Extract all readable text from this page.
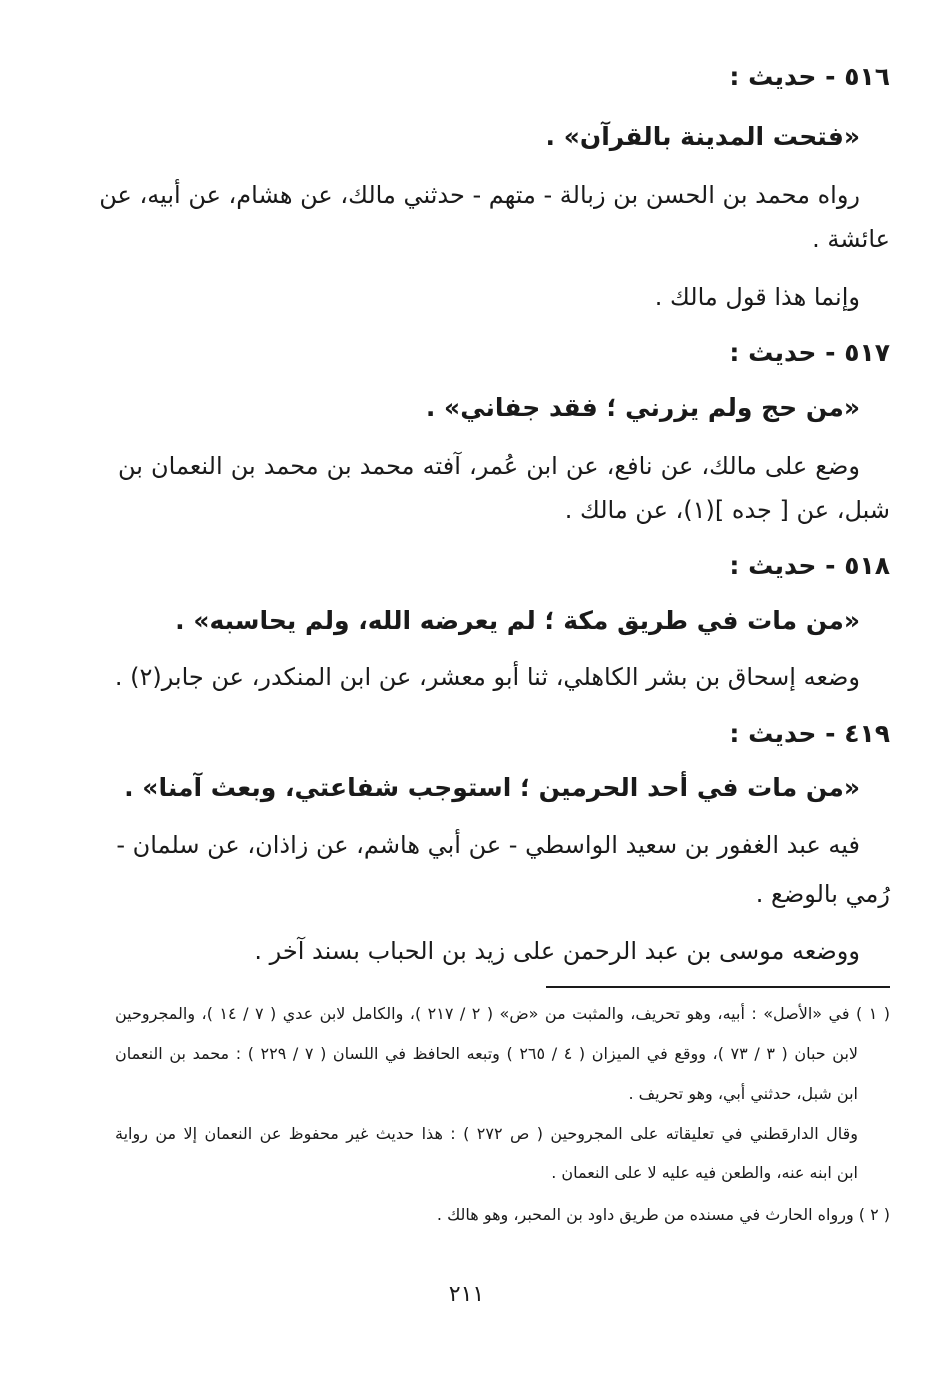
٥١٦ - حديث :
«فتحت المدينة بالقرآن» .
رواه محمد بن الحسن بن زبالة - متهم - حدثني مالك، عن هشام، عن أبيه، عن
عائشة .
وإنما هذا قول مالك .
٥١٧ - حديث :
«من حج ولم يزرني ؛ فقد جفاني» .
وضع على مالك، عن نافع، عن ابن عُمر، آفته محمد بن محمد بن النعمان بن
شبل، عن [ جده ](١)، عن مالك .
٥١٨ - حديث :
«من مات في طريق مكة ؛ لم يعرضه الله، ولم يحاسبه» .
وضعه إسحاق بن بشر الكاهلي، ثنا أبو معشر، عن ابن المنكدر، عن جابر(٢) .
٤١٩ - حديث :
«من مات في أحد الحرمين ؛ استوجب شفاعتي، وبعث آمنا» .
فيه عبد الغفور بن سعيد الواسطي - عن أبي هاشم، عن زاذان، عن سلمان -
رُمي بالوضع .
ووضعه موسى بن عبد الرحمن على زيد بن الحباب بسند آخر .
( ١ ) في «الأصل» : أبيه، وهو تحريف، والمثبت من «ض» ( ٢ / ٢١٧ )، والكامل لابن عدي ( ٧ / ١٤ )، والمجروحين
لابن حبان ( ٣ / ٧٣ )، ووقع في الميزان ( ٤ / ٢٦٥ ) وتبعه الحافظ في اللسان ( ٧ / ٢٢٩ ) : محمد بن النعمان
ابن شبل، حدثني أبي، وهو تحريف .
وقال الدارقطني في تعليقاته على المجروحين ( ص ٢٧٢ ) : هذا حديث غير محفوظ عن النعمان إلا من رواية
ابن ابنه عنه، والطعن فيه عليه لا على النعمان .
( ٢ ) ورواه الحارث في مسنده من طريق داود بن المحبر، وهو هالك .
٢١١
